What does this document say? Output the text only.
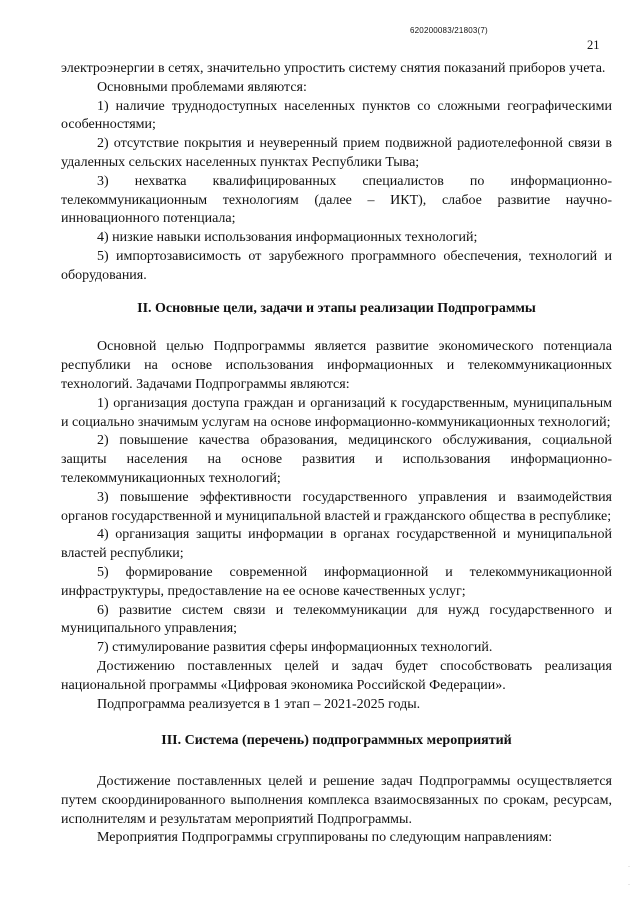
620200083/21803(7)
21

электроэнергии в сетях, значительно упростить систему снятия показаний приборов учета.

Основными проблемами являются:

1) наличие труднодоступных населенных пунктов со сложными географическими особенностями;

2) отсутствие покрытия и неуверенный прием подвижной радиотелефонной связи в удаленных сельских населенных пунктах Республики Тыва;

3) нехватка квалифицированных специалистов по информационно-телекоммуникационным технологиям (далее – ИКТ), слабое развитие научно-инновационного потенциала;

4) низкие навыки использования информационных технологий;

5) импортозависимость от зарубежного программного обеспечения, технологий и оборудования.

II. Основные цели, задачи и этапы реализации Подпрограммы

Основной целью Подпрограммы является развитие экономического потенциала республики на основе использования информационных и телекоммуникационных технологий. Задачами Подпрограммы являются:

1) организация доступа граждан и организаций к государственным, муниципальным и социально значимым услугам на основе информационно-коммуникационных технологий;

2) повышение качества образования, медицинского обслуживания, социальной защиты населения на основе развития и использования информационно-телекоммуникационных технологий;

3) повышение эффективности государственного управления и взаимодействия органов государственной и муниципальной властей и гражданского общества в республике;

4) организация защиты информации в органах государственной и муниципальной властей республики;

5) формирование современной информационной и телекоммуникационной инфраструктуры, предоставление на ее основе качественных услуг;

6) развитие систем связи и телекоммуникации для нужд государственного и муниципального управления;

7) стимулирование развития сферы информационных технологий.

Достижению поставленных целей и задач будет способствовать реализация национальной программы «Цифровая экономика Российской Федерации».

Подпрограмма реализуется в 1 этап – 2021-2025 годы.

III. Система (перечень) подпрограммных мероприятий

Достижение поставленных целей и решение задач Подпрограммы осуществляется путем скоординированного выполнения комплекса взаимосвязанных по срокам, ресурсам, исполнителям и результатам мероприятий Подпрограммы.

Мероприятия Подпрограммы сгруппированы по следующим направлениям:

˙
˙
